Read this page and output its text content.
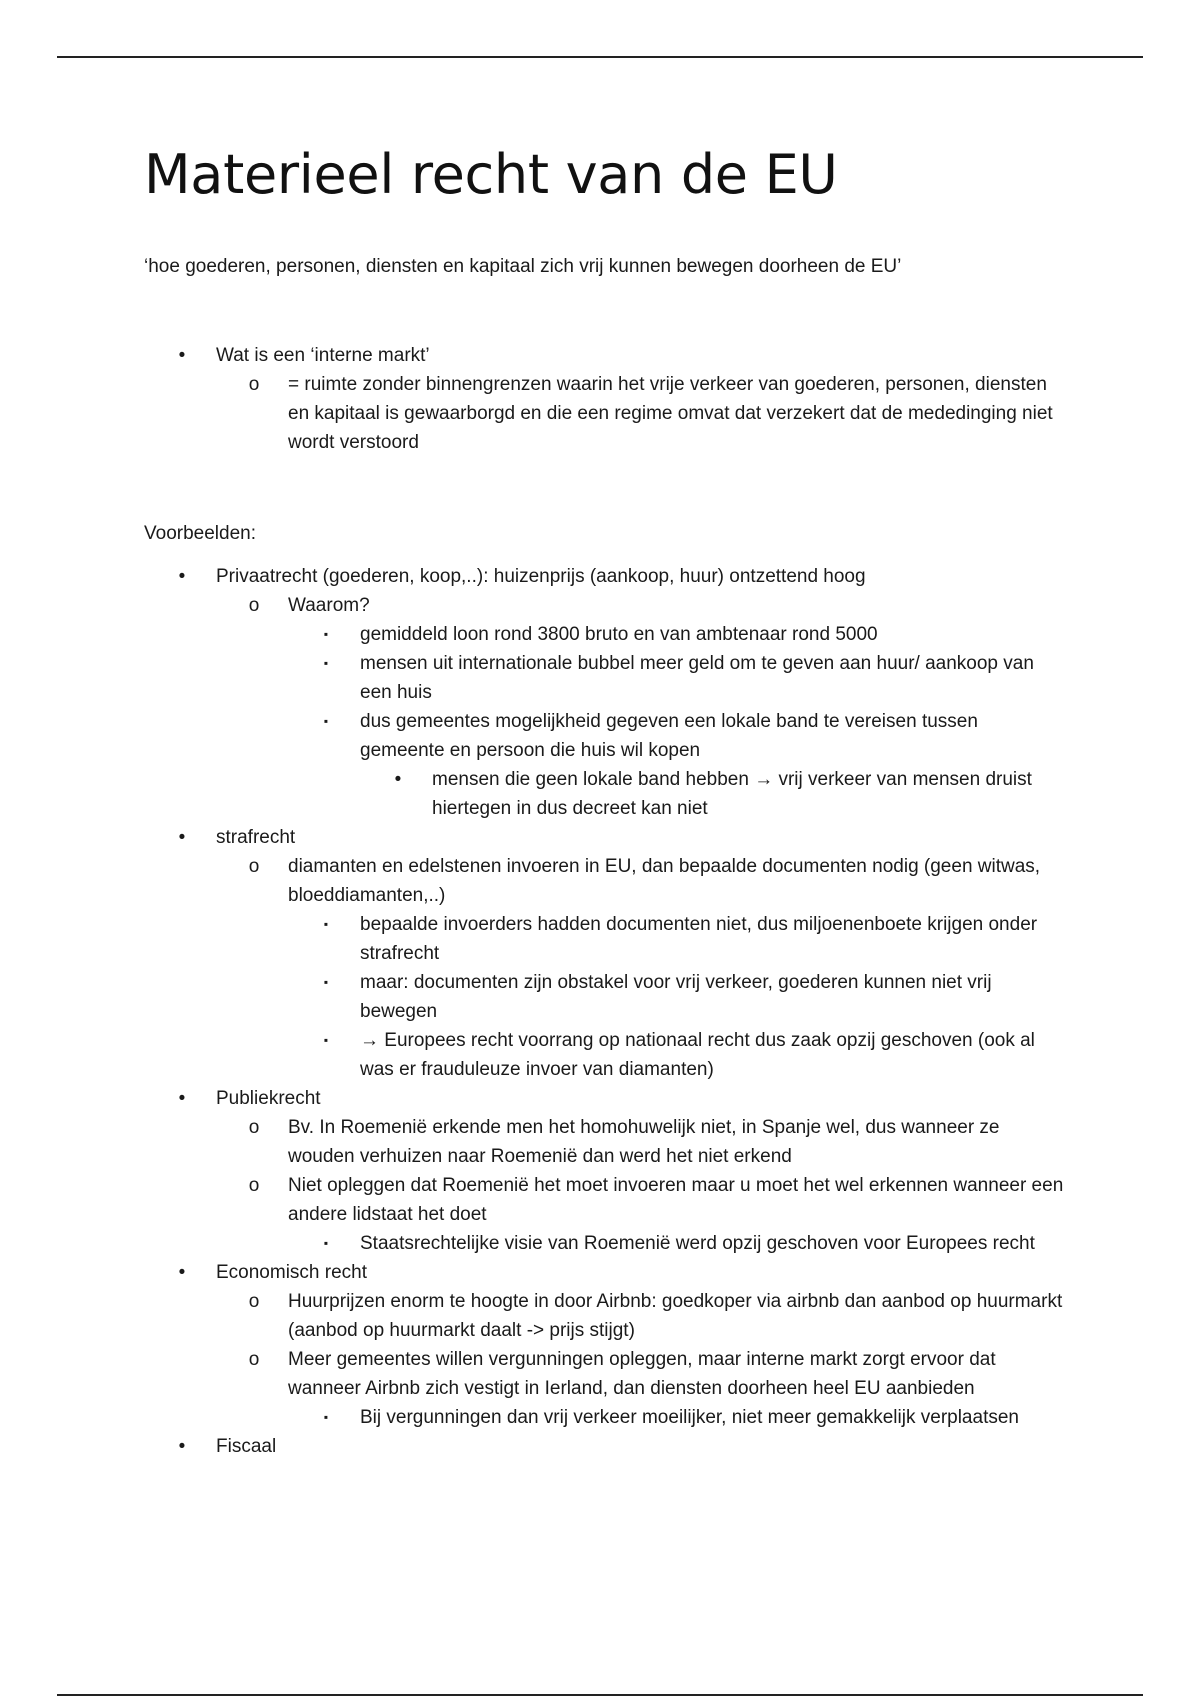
Materieel recht van de EU
‘hoe goederen, personen, diensten en kapitaal zich vrij kunnen bewegen doorheen de EU’
•	Wat is een ‘interne markt’
o = ruimte zonder binnengrenzen waarin het vrije verkeer van goederen, personen, diensten en kapitaal is gewaarborgd en die een regime omvat dat verzekert dat de mededinging niet wordt verstoord
Voorbeelden:
•	Privaatrecht (goederen, koop,..): huizenprijs (aankoop, huur) ontzettend hoog
o Waarom?
▪	gemiddeld loon rond 3800 bruto en van ambtenaar rond 5000
▪	mensen uit internationale bubbel meer geld om te geven aan huur/ aankoop van een huis
▪	dus gemeentes mogelijkheid gegeven een lokale band te vereisen tussen gemeente en persoon die huis wil kopen
•	mensen die geen lokale band hebben → vrij verkeer van mensen druist hiertegen in dus decreet kan niet
•	strafrecht
o diamanten en edelstenen invoeren in EU, dan bepaalde documenten nodig (geen witwas, bloeddiamanten,..)
▪	bepaalde invoerders hadden documenten niet, dus miljoenenboete krijgen onder strafrecht
▪	maar: documenten zijn obstakel voor vrij verkeer, goederen kunnen niet vrij bewegen
▪	→ Europees recht voorrang op nationaal recht dus zaak opzij geschoven (ook al was er frauduleuze invoer van diamanten)
•	Publiekrecht
o Bv. In Roemenië erkende men het homohuwelijk niet, in Spanje wel, dus wanneer ze wouden verhuizen naar Roemenië dan werd het niet erkend
o Niet opleggen dat Roemenië het moet invoeren maar u moet het wel erkennen wanneer een andere lidstaat het doet
▪	Staatsrechtelijke visie van Roemenië werd opzij geschoven voor Europees recht
•	Economisch recht
o Huurprijzen enorm te hoogte in door Airbnb: goedkoper via airbnb dan aanbod op huurmarkt (aanbod op huurmarkt daalt -> prijs stijgt)
o Meer gemeentes willen vergunningen opleggen, maar interne markt zorgt ervoor dat wanneer Airbnb zich vestigt in Ierland, dan diensten doorheen heel EU aanbieden
▪	Bij vergunningen dan vrij verkeer moeilijker, niet meer gemakkelijk verplaatsen
•	Fiscaal
